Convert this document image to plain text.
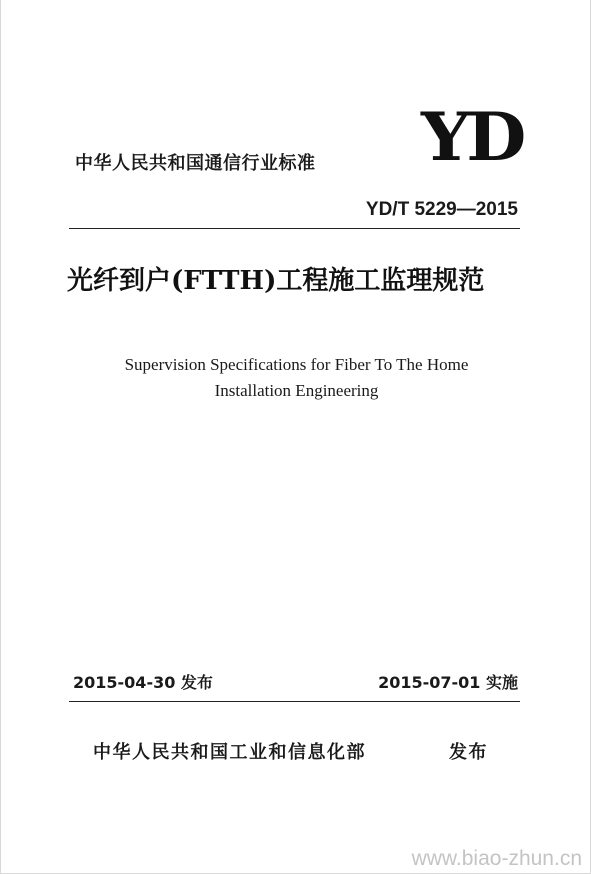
YD
中华人民共和国通信行业标准
YD/T 5229—2015
光纤到户(FTTH)工程施工监理规范
Supervision Specifications for Fiber To The Home
Installation Engineering
2015-04-30 发布	2015-07-01 实施
中华人民共和国工业和信息化部	发布
www.biao-zhun.cn
